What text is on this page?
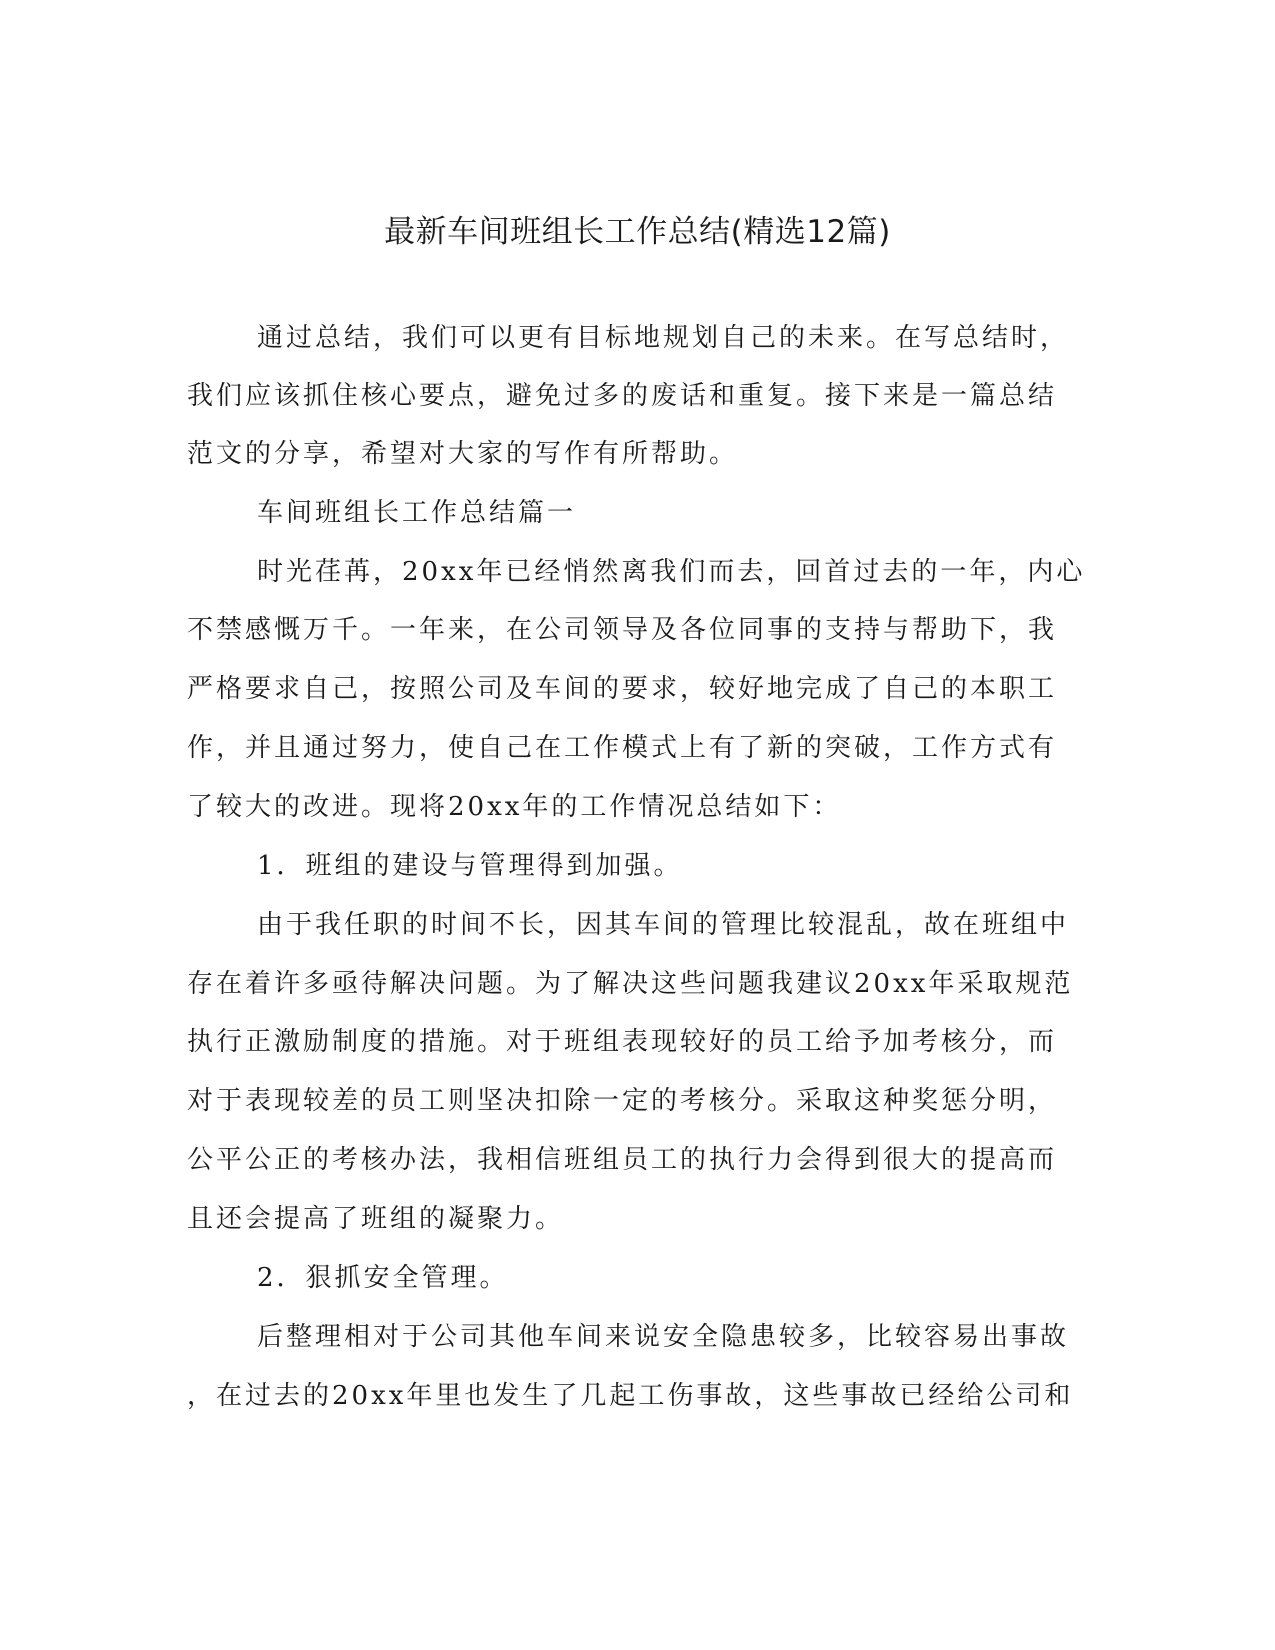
最新车间班组长工作总结(精选12篇)
通过总结，我们可以更有目标地规划自己的未来。在写总结时，
我们应该抓住核心要点，避免过多的废话和重复。接下来是一篇总结
范文的分享，希望对大家的写作有所帮助。
车间班组长工作总结篇一
时光荏苒，20xx年已经悄然离我们而去，回首过去的一年，内心
不禁感慨万千。一年来，在公司领导及各位同事的支持与帮助下，我
严格要求自己，按照公司及车间的要求，较好地完成了自己的本职工
作，并且通过努力，使自己在工作模式上有了新的突破，工作方式有
了较大的改进。现将20xx年的工作情况总结如下：
1．班组的建设与管理得到加强。
由于我任职的时间不长，因其车间的管理比较混乱，故在班组中
存在着许多亟待解决问题。为了解决这些问题我建议20xx年采取规范
执行正激励制度的措施。对于班组表现较好的员工给予加考核分，而
对于表现较差的员工则坚决扣除一定的考核分。采取这种奖惩分明，
公平公正的考核办法，我相信班组员工的执行力会得到很大的提高而
且还会提高了班组的凝聚力。
2．狠抓安全管理。
后整理相对于公司其他车间来说安全隐患较多，比较容易出事故
，在过去的20xx年里也发生了几起工伤事故，这些事故已经给公司和
